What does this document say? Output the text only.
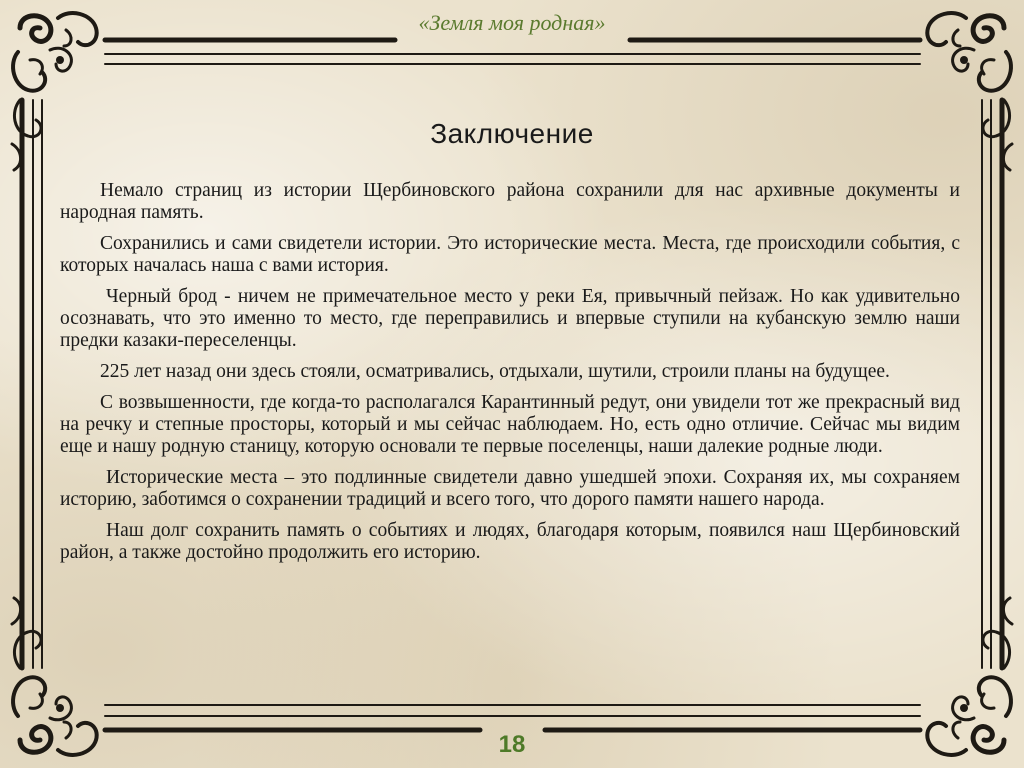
«Земля моя родная»
Заключение

Немало страниц из истории Щербиновского района сохранили для нас архивные документы и народная память.

Сохранились и сами свидетели истории. Это исторические места. Места, где происходили события, с которых началась наша с вами история.

Черный брод - ничем не примечательное место у реки Ея, привычный пейзаж. Но как удивительно осознавать, что это именно то место, где переправились и впервые ступили на кубанскую землю наши предки казаки-переселенцы.

225 лет назад они здесь стояли, осматривались, отдыхали, шутили, строили планы на будущее.

С возвышенности, где когда-то располагался Карантинный редут, они увидели тот же прекрасный вид на речку и степные просторы, который и мы сейчас наблюдаем. Но, есть одно отличие. Сейчас мы видим еще и нашу родную станицу, которую основали те первые поселенцы, наши далекие родные люди.

Исторические места – это подлинные свидетели давно ушедшей эпохи. Сохраняя их, мы сохраняем историю, заботимся о сохранении традиций и всего того, что дорого памяти нашего народа.

Наш долг сохранить память о событиях и людях, благодаря которым, появился наш Щербиновский район, а также достойно продолжить его историю.

18
